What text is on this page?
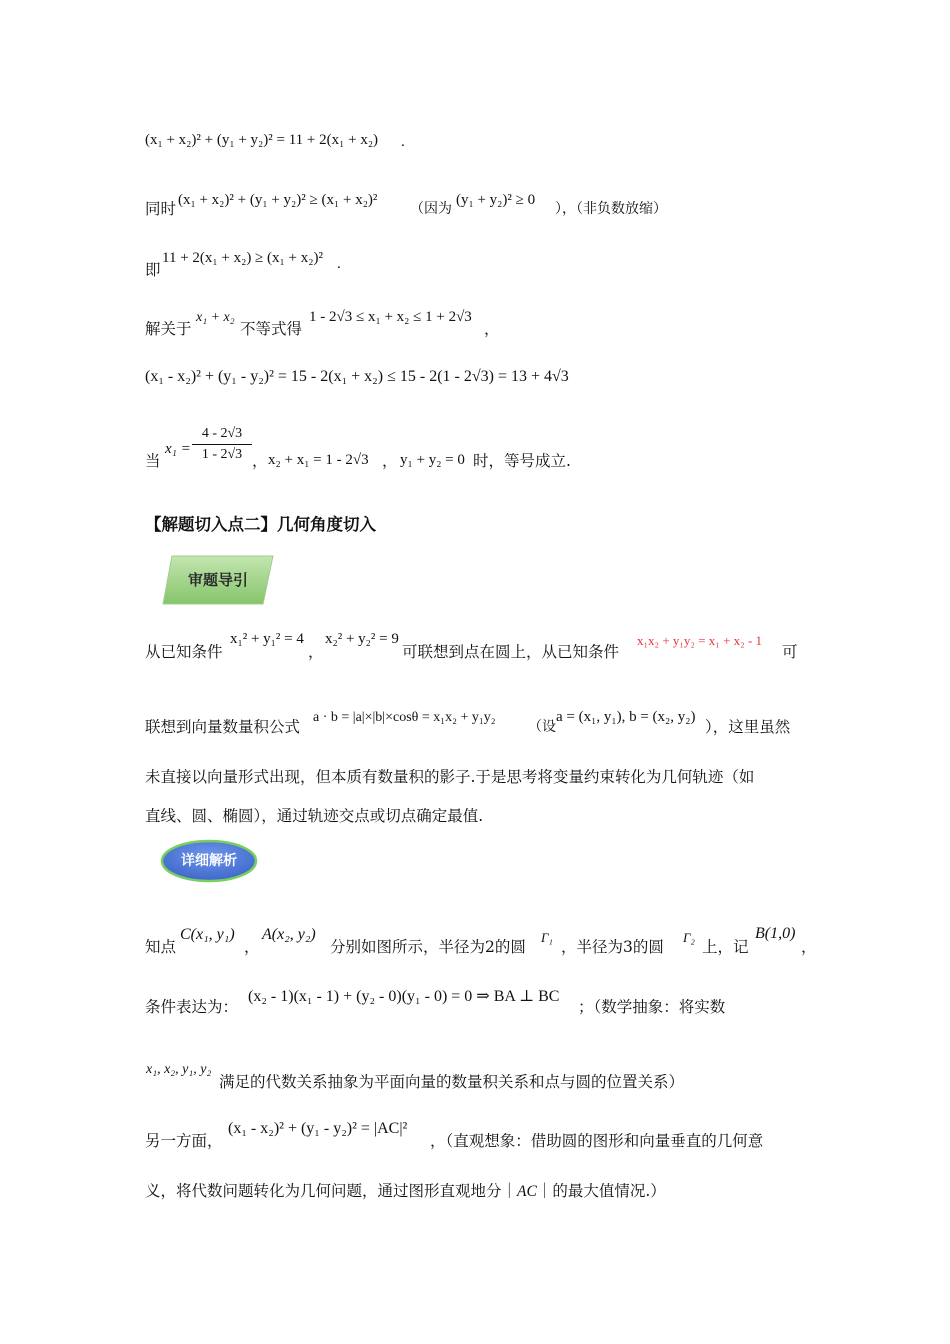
(x₁ + x₂)² + (y₁ + y₂)² = 11 + 2(x₁ + x₂) .
同时 (x₁ + x₂)² + (y₁ + y₂)² ≥ (x₁ + x₂)²
（因为
(y₁ + y₂)² ≥ 0
），（非负数放缩）
即
11 + 2(x₁ + x₂) ≥ (x₁ + x₂)² .
解关于
x₁ + x₂
不等式得
1 - 2√3 ≤ x₁ + x₂ ≤ 1 + 2√3
，
(x₁ - x₂)² + (y₁ - y₂)² = 15 - 2(x₁ + x₂) ≤ 15 - 2(1 - 2√3) = 13 + 4√3
当
x₁ =
4 - 2√3
1 - 2√3 ， x₂ + x₁ = 1 - 2√3 ， y₁ + y₂ = 0 时，等号成立.
【解题切入点二】几何角度切入
审题导引
从已知条件
x₁² + y₁² = 4
，
x₂² + y₂² = 9
可联想到点在圆上，从已知条件
x₁x₂ + y₁y₂ = x₁ + x₂ - 1
可
联想到向量数量积公式
a · b = |a|×|b|×cosθ = x₁x₂ + y₁y₂
（设
a = (x₁, y₁), b = (x₂, y₂)
），这里虽然
未直接以向量形式出现，但本质有数量积的影子.于是思考将变量约束转化为几何轨迹（如
直线、圆、椭圆），通过轨迹交点或切点确定最值.
详细解析
知点
C(x₁, y₁)
，
A(x₂, y₂)
分别如图所示，半径为2的圆
Γ₁
，半径为3的圆
Γ₂
上，记
B(1,0)
，
条件表达为：
(x₂ - 1)(x₁ - 1) + (y₂ - 0)(y₁ - 0) = 0 ⇒ BA ⊥ BC
；（数学抽象：将实数
x₁, x₂, y₁, y₂
满足的代数关系抽象为平面向量的数量积关系和点与圆的位置关系）
另一方面，
(x₁ - x₂)² + (y₁ - y₂)² = |AC|²
，（直观想象：借助圆的图形和向量垂直的几何意
义，将代数问题转化为几何问题，通过图形直观地分｜AC｜的最大值情况.）
